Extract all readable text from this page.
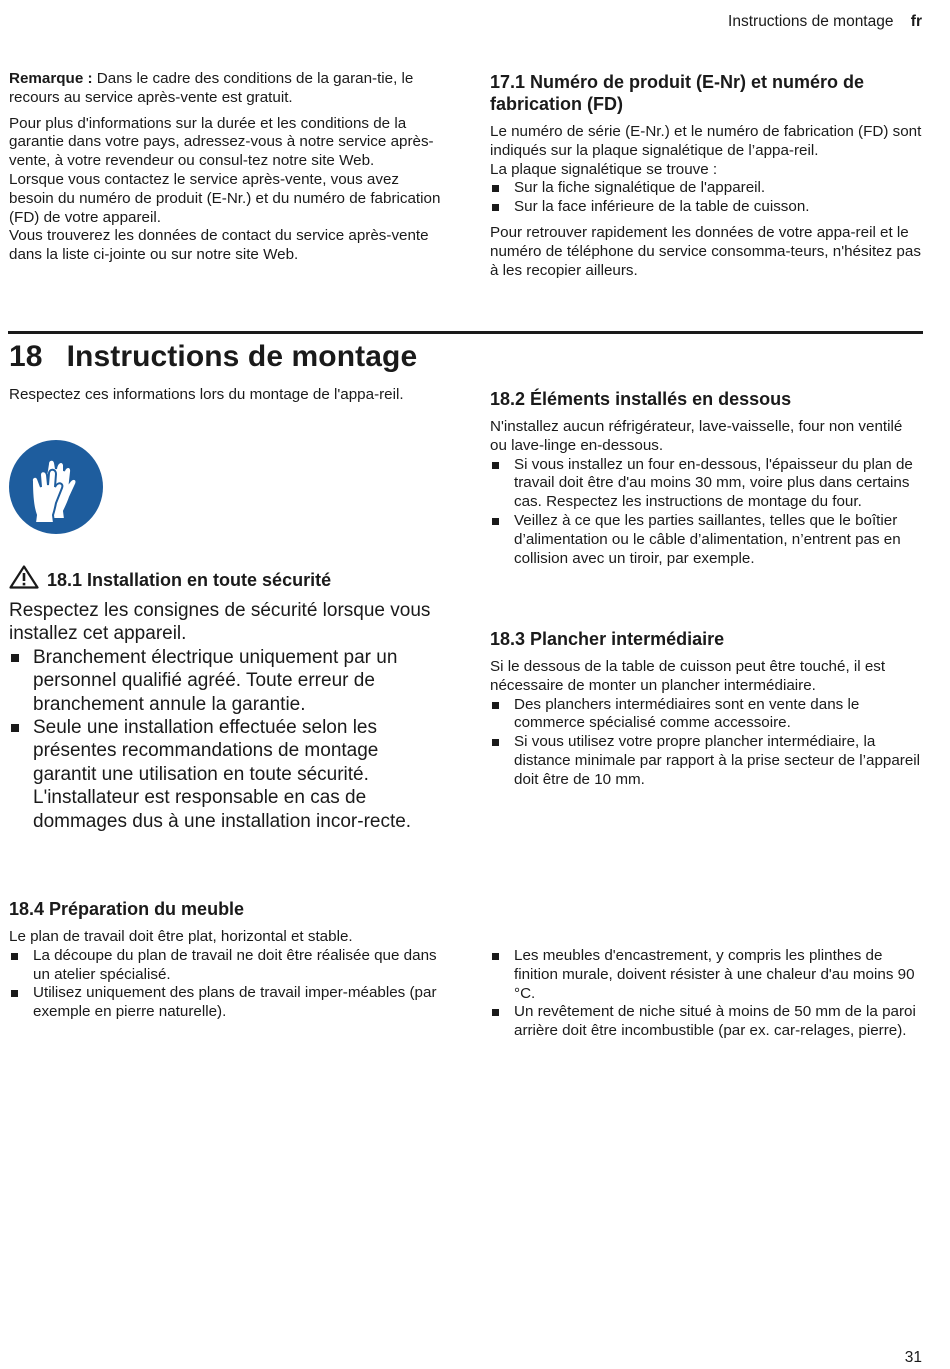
Instructions de montage fr

Remarque : Dans le cadre des conditions de la garan-tie, le recours au service après-vente est gratuit.

Pour plus d'informations sur la durée et les conditions de la garantie dans votre pays, adressez-vous à notre service après-vente, à votre revendeur ou consul-tez notre site Web.

Lorsque vous contactez le service après-vente, vous avez besoin du numéro de produit (E-Nr.) et du numéro de fabrication (FD) de votre appareil.

Vous trouverez les données de contact du service après-vente dans la liste ci-jointe ou sur notre site Web.

17.1 Numéro de produit (E-Nr) et numéro de fabrication (FD)

Le numéro de série (E-Nr.) et le numéro de fabrication (FD) sont indiqués sur la plaque signalétique de l’appa-reil.

La plaque signalétique se trouve :

Sur la fiche signalétique de l'appareil.
Sur la face inférieure de la table de cuisson.

Pour retrouver rapidement les données de votre appa-reil et le numéro de téléphone du service consomma-teurs, n'hésitez pas à les recopier ailleurs.

18 Instructions de montage

Respectez ces informations lors du montage de l'appa-reil.

18.1 Installation en toute sécurité

Respectez les consignes de sécurité lorsque vous installez cet appareil.

Branchement électrique uniquement par un personnel qualifié agréé. Toute erreur de branchement annule la garantie.
Seule une installation effectuée selon les présentes recommandations de montage garantit une utilisation en toute sécurité. L'installateur est responsable en cas de dommages dus à une installation incor-recte.
18.2 Éléments installés en dessous

N'installez aucun réfrigérateur, lave-vaisselle, four non ventilé ou lave-linge en-dessous.

Si vous installez un four en-dessous, l'épaisseur du plan de travail doit être d'au moins 30 mm, voire plus dans certains cas. Respectez les instructions de montage du four.
Veillez à ce que les parties saillantes, telles que le boîtier d’alimentation ou le câble d’alimentation, n’entrent pas en collision avec un tiroir, par exemple.
18.3 Plancher intermédiaire

Si le dessous de la table de cuisson peut être touché, il est nécessaire de monter un plancher intermédiaire.

Des planchers intermédiaires sont en vente dans le commerce spécialisé comme accessoire.
Si vous utilisez votre propre plancher intermédiaire, la distance minimale par rapport à la prise secteur de l’appareil doit être de 10 mm.
18.4 Préparation du meuble

Le plan de travail doit être plat, horizontal et stable.

La découpe du plan de travail ne doit être réalisée que dans un atelier spécialisé.
Utilisez uniquement des plans de travail imper-méables (par exemple en pierre naturelle).
Les meubles d'encastrement, y compris les plinthes de finition murale, doivent résister à une chaleur d'au moins 90 °C.
Un revêtement de niche situé à moins de 50 mm de la paroi arrière doit être incombustible (par ex. car-relages, pierre).
31
